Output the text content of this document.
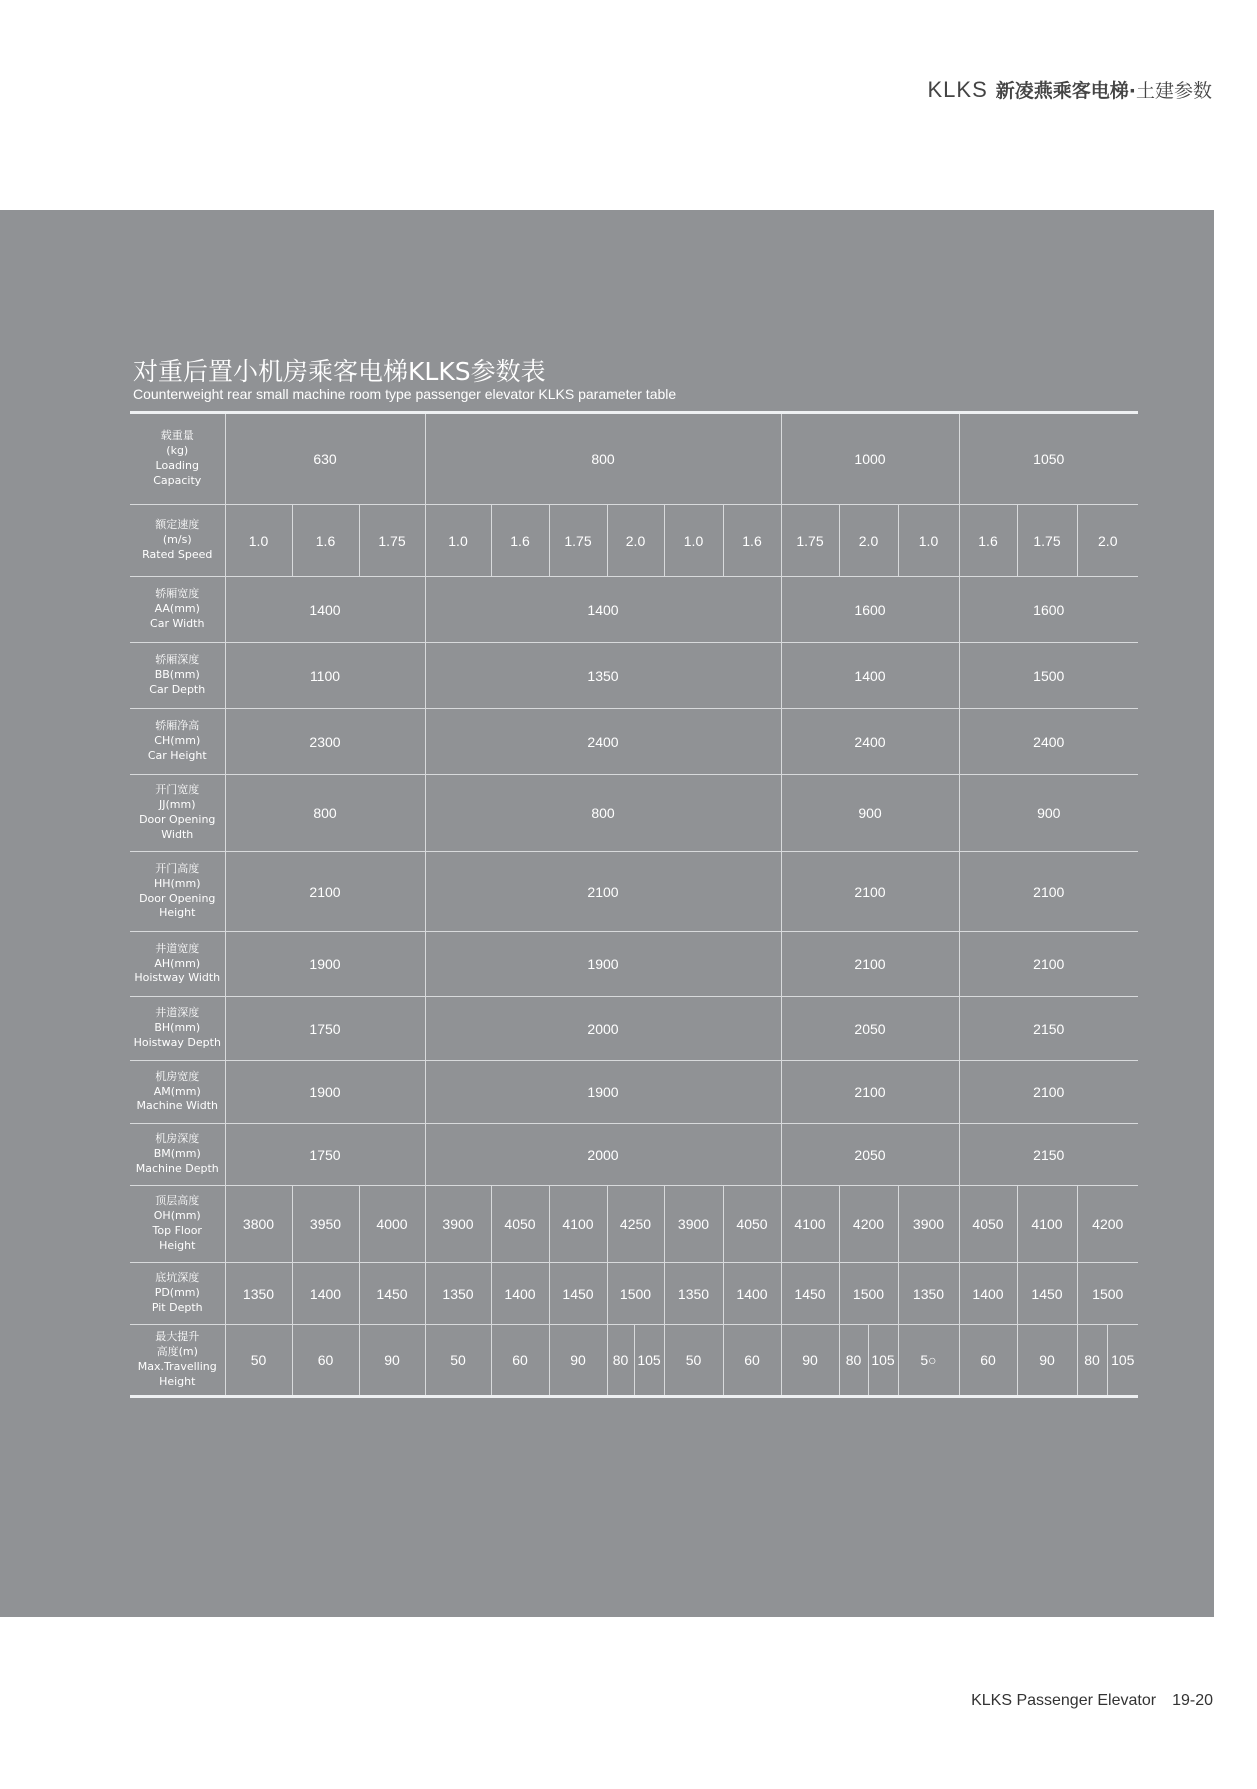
KLKS 新凌燕乘客电梯·土建参数
对重后置小机房乘客电梯KLKS参数表
Counterweight rear small machine room type passenger elevator KLKS parameter table
载重量
(kg)
Loading
Capacity	630			800							1000				1050			

额定速度
(m/s)
Rated Speed	1.0	1.6	1.75	1.0	1.6	1.75	2.0		1.0	1.6	1.75	2.0		1.0	1.6	1.75	2.0	

轿厢宽度
AA(mm)
Car Width	1400			1400							1600				1600			

轿厢深度
BB(mm)
Car Depth	1100			1350							1400				1500			

轿厢净高
CH(mm)
Car Height	2300			2400							2400				2400			

开门宽度
JJ(mm)
Door Opening
Width	800			800							900				900			

开门高度
HH(mm)
Door Opening
Height	2100			2100							2100				2100			

井道宽度
AH(mm)
Hoistway Width	1900			1900							2100				2100			

井道深度
BH(mm)
Hoistway Depth	1750			2000							2050				2150			

机房宽度
AM(mm)
Machine Width	1900			1900							2100				2100			

机房深度
BM(mm)
Machine Depth	1750			2000							2050				2150			

顶层高度
OH(mm)
Top Floor
Height	3800	3950	4000	3900	4050	4100	4250		3900	4050	4100	4200		3900	4050	4100	4200	

底坑深度
PD(mm)
Pit Depth	1350	1400	1450	1350	1400	1450	1500		1350	1400	1450	1500		1350	1400	1450	1500	

最大提升
高度(m)
Max.Travelling
Height	50	60	90	50	60	90	80	105	50	60	90	80	105	5○	60	90	80	105
KLKS Passenger Elevator 19-20
